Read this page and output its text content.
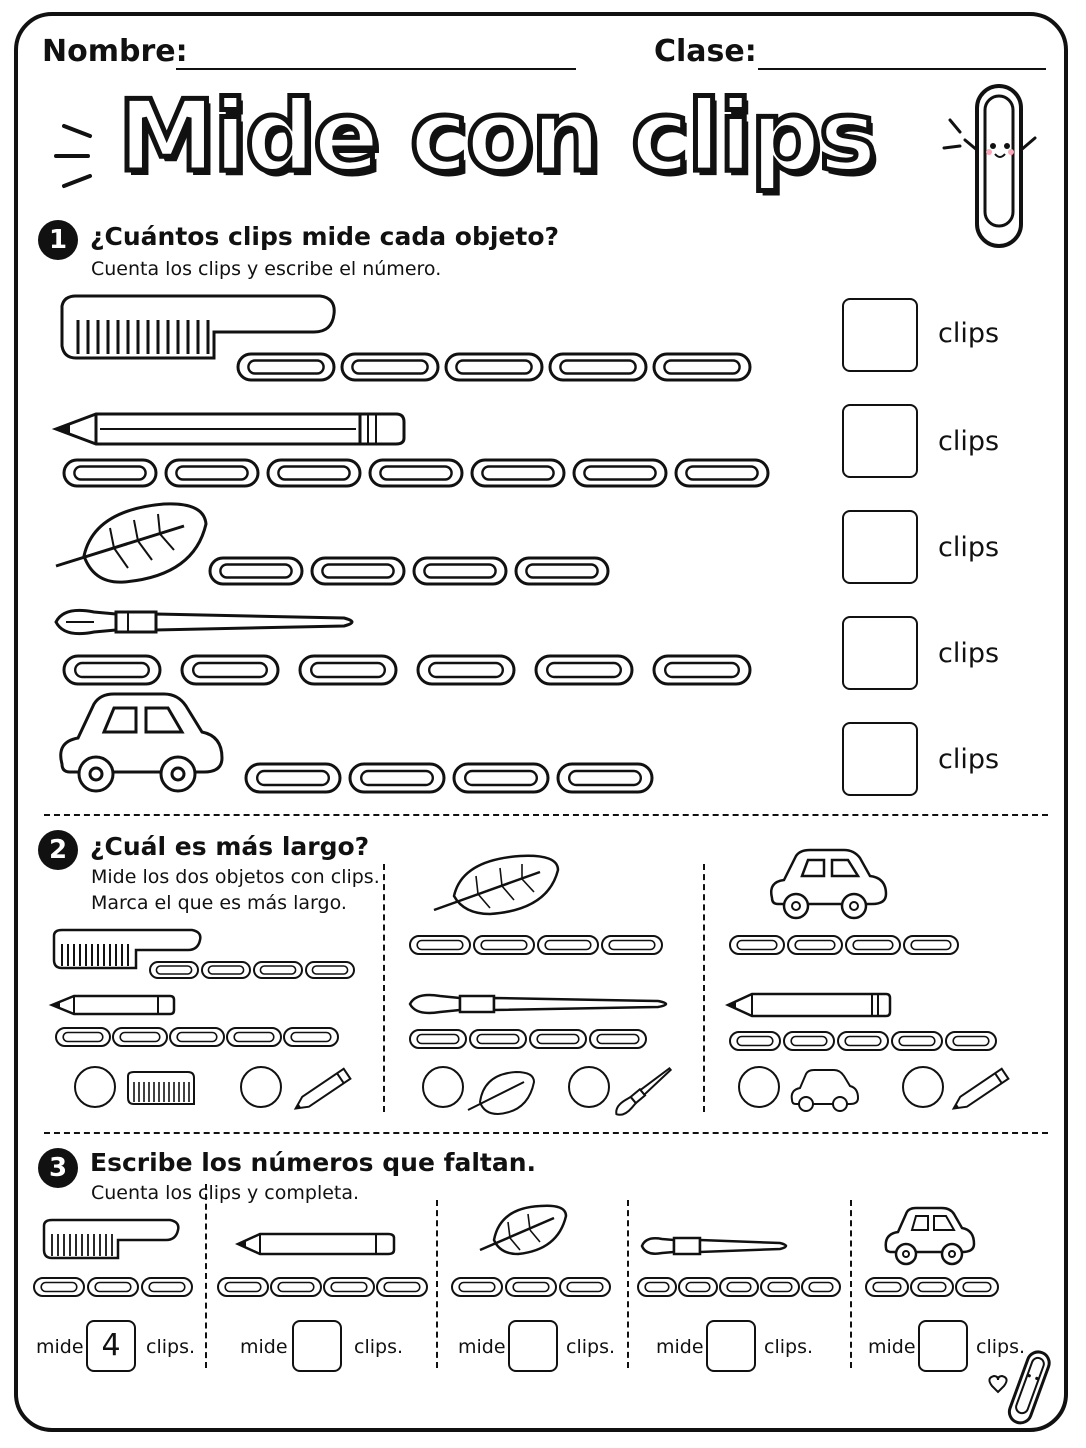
Nombre:	Clase:
Mide con clips
1 ¿Cuántos clips mide cada objeto?
Cuenta los clips y escribe el número.
clips
clips
clips
clips
clips
2 ¿Cuál es más largo?
Mide los dos objetos con clips.
Marca el que es más largo.
3 Escribe los números que faltan.
Cuenta los clips y completa.
mide 4	clips. mide	clips.	mide	clips. mide	clips.	mide	clips.
